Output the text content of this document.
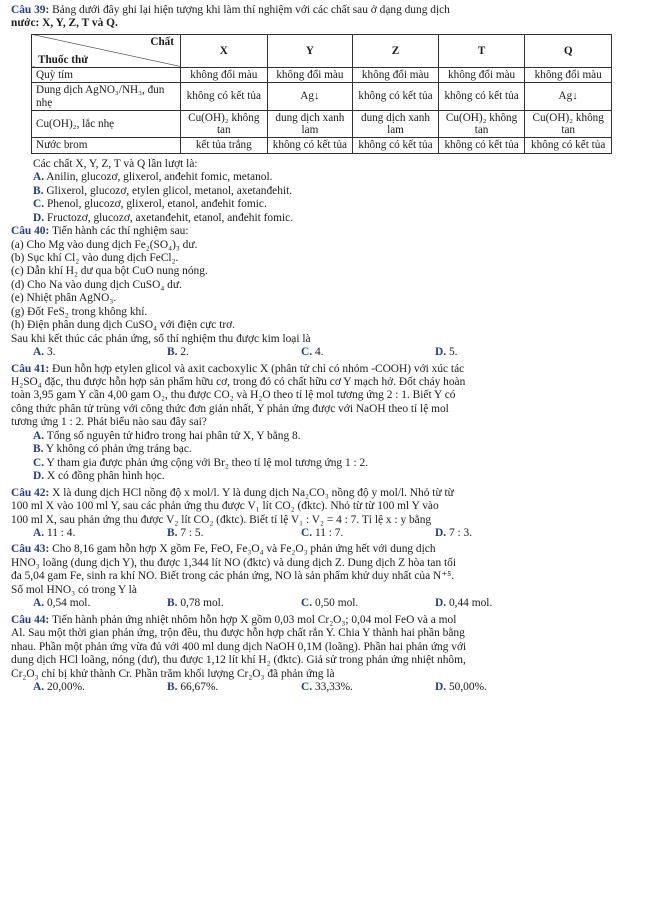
Câu 39: Bảng dưới đây ghi lại hiện tượng khi làm thí nghiệm với các chất sau ở dạng dung dịch

nước: X, Y, Z, T và Q.

Chất
Thuốc thử	X	Y	Z	T	Q
Quỳ tím	không đổi màu	không đổi màu	không đổi màu	không đổi màu	không đổi màu
Dung dịch AgNO₃/NH₃, đun nhẹ	không có kết tủa	Ag↓	không có kết tủa	không có kết tủa	Ag↓
Cu(OH)₂, lắc nhẹ	Cu(OH)₂ không tan	dung dịch xanh lam	dung dịch xanh lam	Cu(OH)₂ không tan	Cu(OH)₂ không tan
Nước brom	kết tủa trắng	không có kết tủa	không có kết tủa	không có kết tủa	không có kết tủa

Các chất X, Y, Z, T và Q lần lượt là:

A. Anilin, glucozơ, glixerol, anđehit fomic, metanol.

B. Glixerol, glucozơ, etylen glicol, metanol, axetanđehit.

C. Phenol, glucozơ, glixerol, etanol, anđehit fomic.

D. Fructozơ, glucozơ, axetanđehit, etanol, anđehit fomic.

Câu 40: Tiến hành các thí nghiệm sau:

(a) Cho Mg vào dung dịch Fe₂(SO₄)₃ dư.

(b) Sục khí Cl₂ vào dung dịch FeCl₂.

(c) Dẫn khí H₂ dư qua bột CuO nung nóng.

(d) Cho Na vào dung dịch CuSO₄ dư.

(e) Nhiệt phân AgNO₃.

(g) Đốt FeS₂ trong không khí.

(h) Điện phân dung dịch CuSO₄ với điện cực trơ.

Sau khi kết thúc các phản ứng, số thí nghiệm thu được kim loại là

A. 3.	B. 2.	C. 4.	D. 5.

Câu 41: Đun hỗn hợp etylen glicol và axit cacboxylic X (phân tử chỉ có nhóm -COOH) với xúc tác

H₂SO₄ đặc, thu được hỗn hợp sản phẩm hữu cơ, trong đó có chất hữu cơ Y mạch hở. Đốt cháy hoàn

toàn 3,95 gam Y cần 4,00 gam O₂, thu được CO₂ và H₂O theo tỉ lệ mol tương ứng 2 : 1. Biết Y có

công thức phân tử trùng với công thức đơn giản nhất, Y phản ứng được với NaOH theo tỉ lệ mol

tương ứng 1 : 2. Phát biểu nào sau đây sai?

A. Tổng số nguyên tử hiđro trong hai phân tử X, Y bằng 8.

B. Y không có phản ứng tráng bạc.

C. Y tham gia được phản ứng cộng với Br₂ theo tỉ lệ mol tương ứng 1 : 2.

D. X có đồng phân hình học.

Câu 42: X là dung dịch HCl nồng độ x mol/l. Y là dung dịch Na₂CO₃ nồng độ y mol/l. Nhỏ từ từ

100 ml X vào 100 ml Y, sau các phản ứng thu được V₁ lít CO₂ (đktc). Nhỏ từ từ 100 ml Y vào

100 ml X, sau phản ứng thu được V₂ lít CO₂ (đktc). Biết tỉ lệ V₁ : V₂ = 4 : 7. Tỉ lệ x : y bằng

A. 11 : 4.	B. 7 : 5.	C. 11 : 7.	D. 7 : 3.

Câu 43: Cho 8,16 gam hỗn hợp X gồm Fe, FeO, Fe₃O₄ và Fe₂O₃ phản ứng hết với dung dịch

HNO₃ loãng (dung dịch Y), thu được 1,344 lít NO (đktc) và dung dịch Z. Dung dịch Z hòa tan tối

đa 5,04 gam Fe, sinh ra khí NO. Biết trong các phản ứng, NO là sản phẩm khử duy nhất của N⁺⁵.

Số mol HNO₃ có trong Y là

A. 0,54 mol.	B. 0,78 mol.	C. 0,50 mol.	D. 0,44 mol.

Câu 44: Tiến hành phản ứng nhiệt nhôm hỗn hợp X gồm 0,03 mol Cr₂O₃; 0,04 mol FeO và a mol

Al. Sau một thời gian phản ứng, trộn đều, thu được hỗn hợp chất rắn Y. Chia Y thành hai phần bằng

nhau. Phần một phản ứng vừa đủ với 400 ml dung dịch NaOH 0,1M (loãng). Phần hai phản ứng với

dung dịch HCl loãng, nóng (dư), thu được 1,12 lít khí H₂ (đktc). Giả sử trong phản ứng nhiệt nhôm,

Cr₂O₃ chỉ bị khử thành Cr. Phần trăm khối lượng Cr₂O₃ đã phản ứng là

A. 20,00%.	B. 66,67%.	C. 33,33%.	D. 50,00%.
